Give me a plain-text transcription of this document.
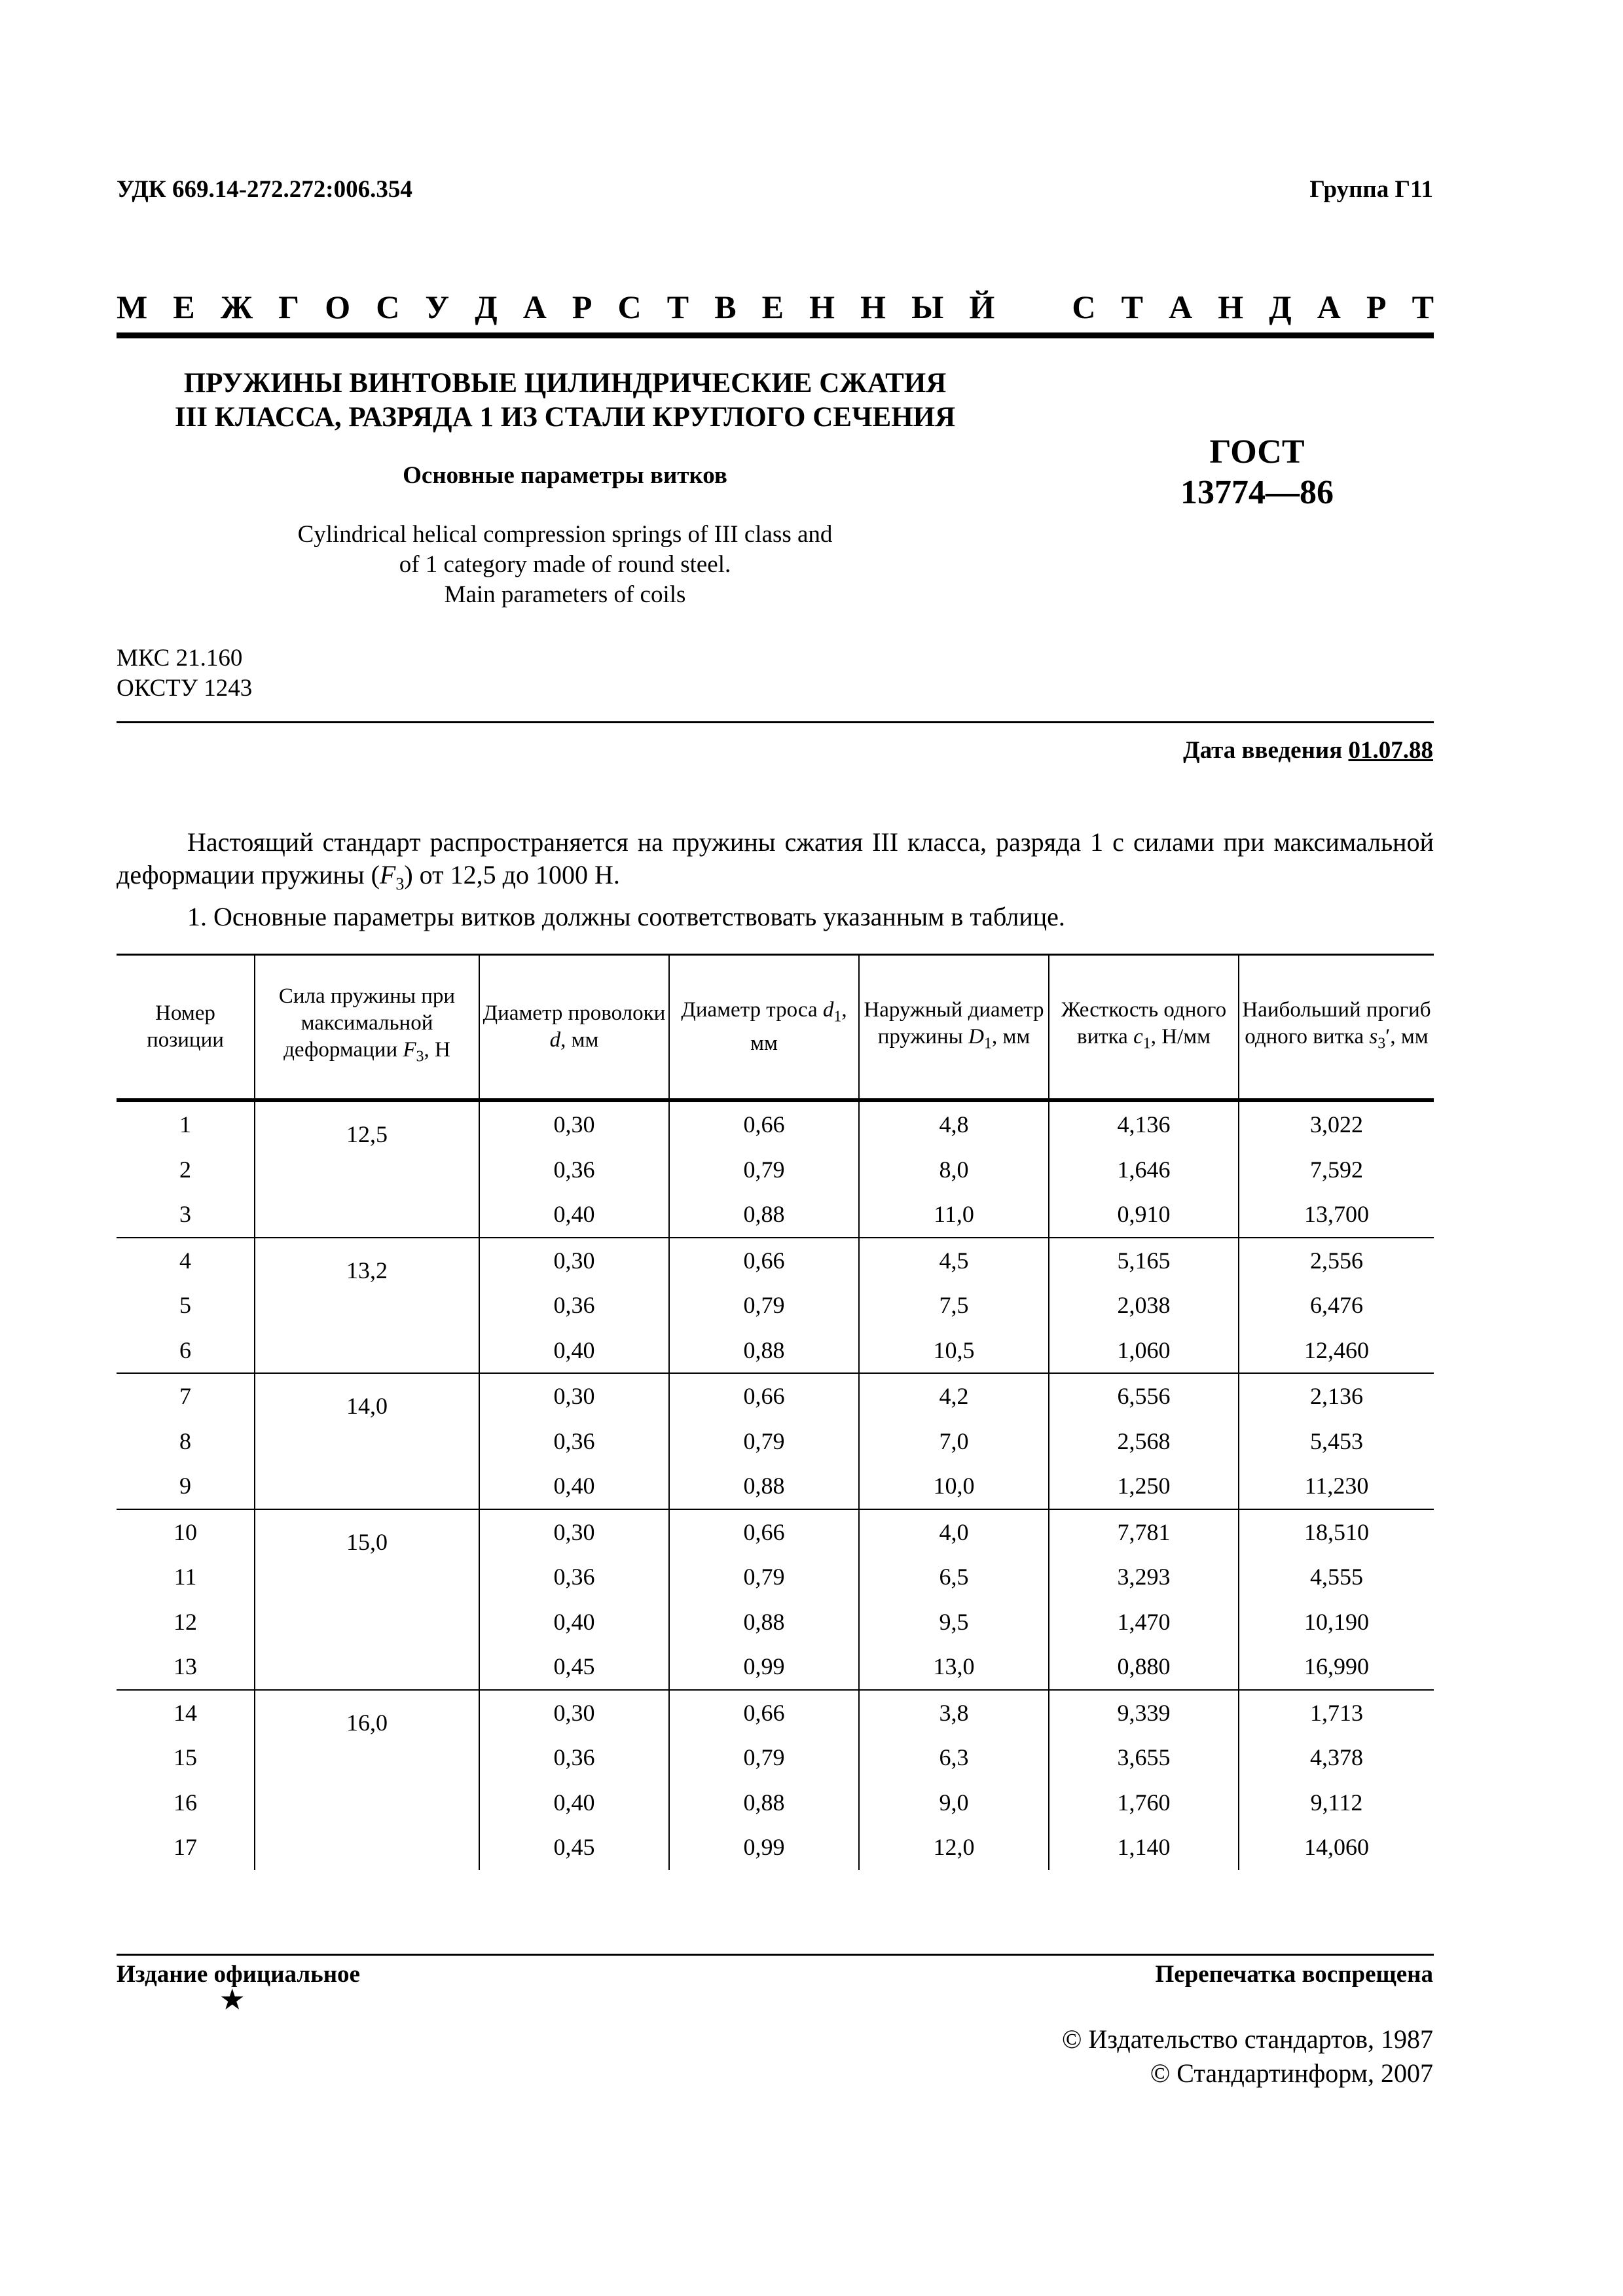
УДК 669.14-272.272:006.354	Группа Г11
М Е Ж Г О С У Д А Р С Т В Е Н Н Ы Й С Т А Н Д А Р Т
ПРУЖИНЫ ВИНТОВЫЕ ЦИЛИНДРИЧЕСКИЕ СЖАТИЯ
III КЛАССА, РАЗРЯДА 1 ИЗ СТАЛИ КРУГЛОГО СЕЧЕНИЯ
Основные параметры витков
Cylindrical helical compression springs of III class and
of 1 category made of round steel.
Main parameters of coils
ГОСТ
13774—86
МКС 21.160
ОКСТУ 1243
Дата введения 01.07.88

Настоящий стандарт распространяется на пружины сжатия III класса, разряда 1 с силами при максимальной деформации пружины $(F_3)$ от 12,5 до 1000 Н.

1. Основные параметры витков должны соответствовать указанным в таблице.

Номер позиции	Сила пружины при максимальной деформации $F_3$, Н	Диаметр проволоки d, мм	Диаметр троса $d_1$, мм	Наружный диаметр пружины $D_1$, мм	Жесткость одного витка $c_1$, Н/мм	Наибольший прогиб одного витка $s_3'$, мм
1	12,5	0,30	0,66	4,8	4,136	3,022
2		0,36	0,79	8,0	1,646	7,592
3		0,40	0,88	11,0	0,910	13,700
4	13,2	0,30	0,66	4,5	5,165	2,556
5		0,36	0,79	7,5	2,038	6,476
6		0,40	0,88	10,5	1,060	12,460
7	14,0	0,30	0,66	4,2	6,556	2,136
8		0,36	0,79	7,0	2,568	5,453
9		0,40	0,88	10,0	1,250	11,230
10	15,0	0,30	0,66	4,0	7,781	18,510
11		0,36	0,79	6,5	3,293	4,555
12		0,40	0,88	9,5	1,470	10,190
13		0,45	0,99	13,0	0,880	16,990
14	16,0	0,30	0,66	3,8	9,339	1,713
15		0,36	0,79	6,3	3,655	4,378
16		0,40	0,88	9,0	1,760	9,112
17		0,45	0,99	12,0	1,140	14,060
Издание официальное
★
Перепечатка воспрещена
© Издательство стандартов, 1987
© Стандартинформ, 2007
